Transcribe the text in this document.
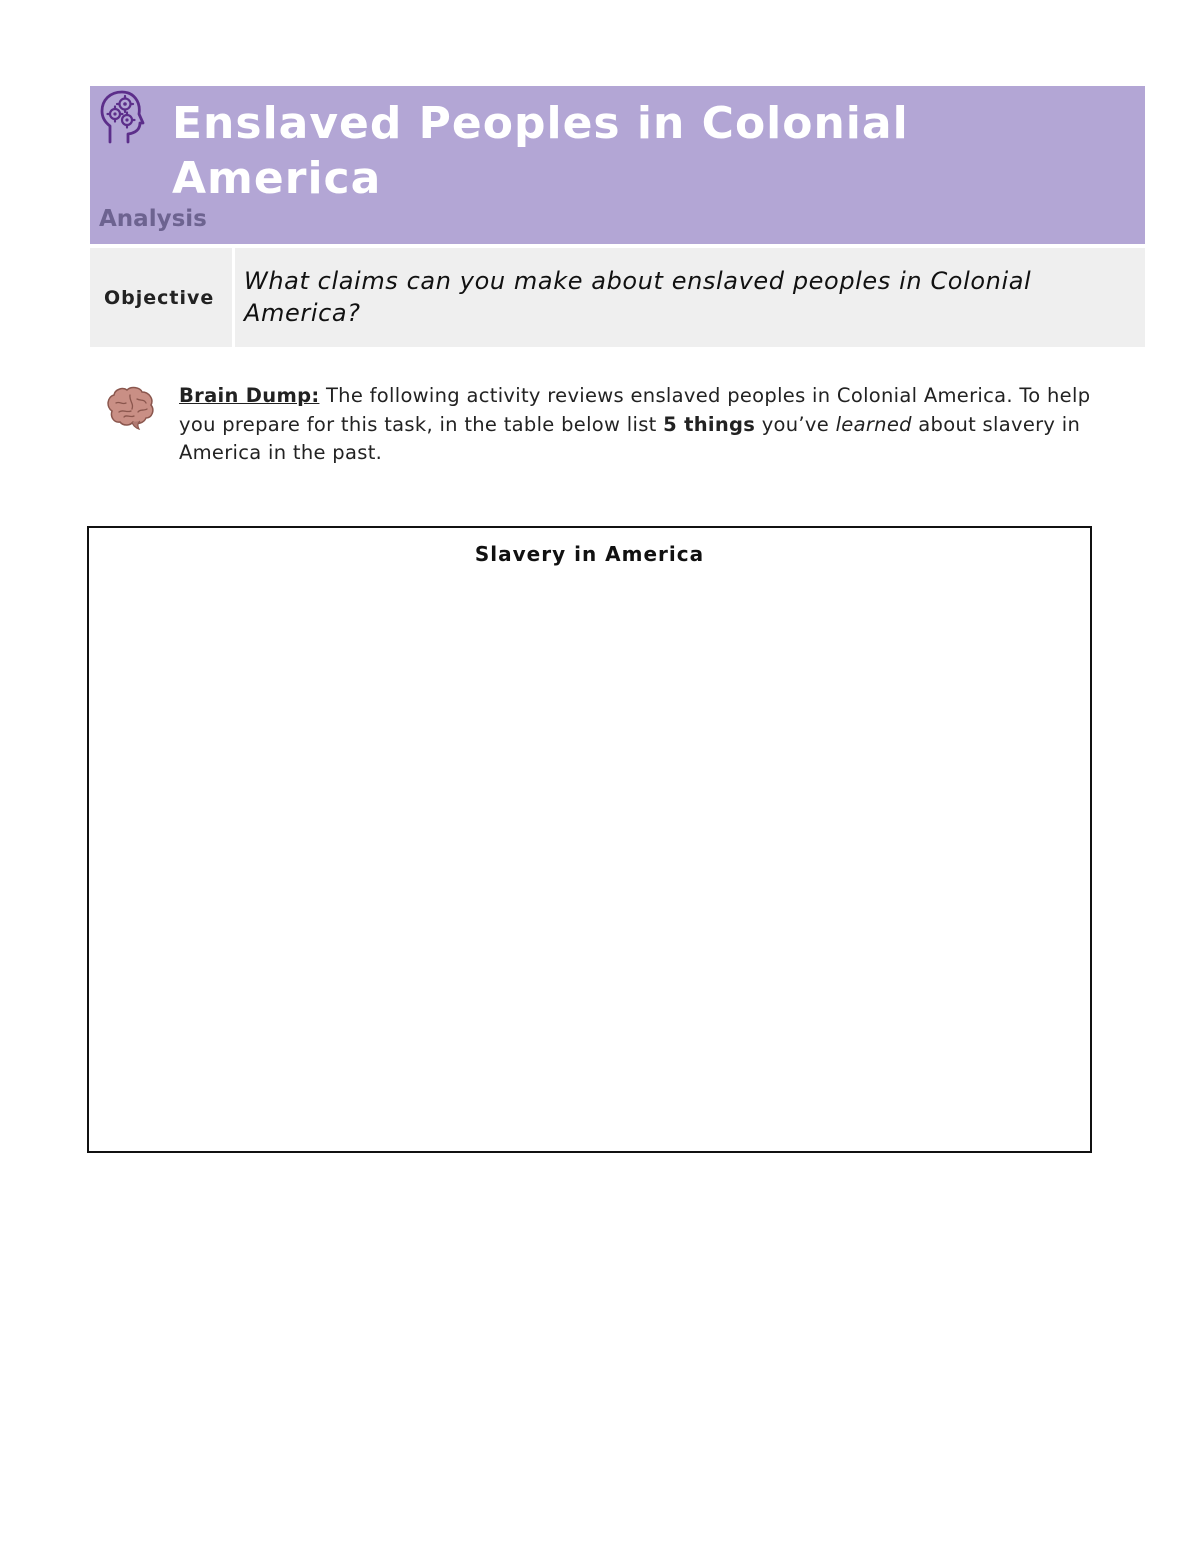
Enslaved Peoples in Colonial America
Analysis
Objective
What claims can you make about enslaved peoples in Colonial America?

Brain Dump: The following activity reviews enslaved peoples in Colonial America. To help you prepare for this task, in the table below list 5 things you’ve learned about slavery in America in the past.

Slavery in America
